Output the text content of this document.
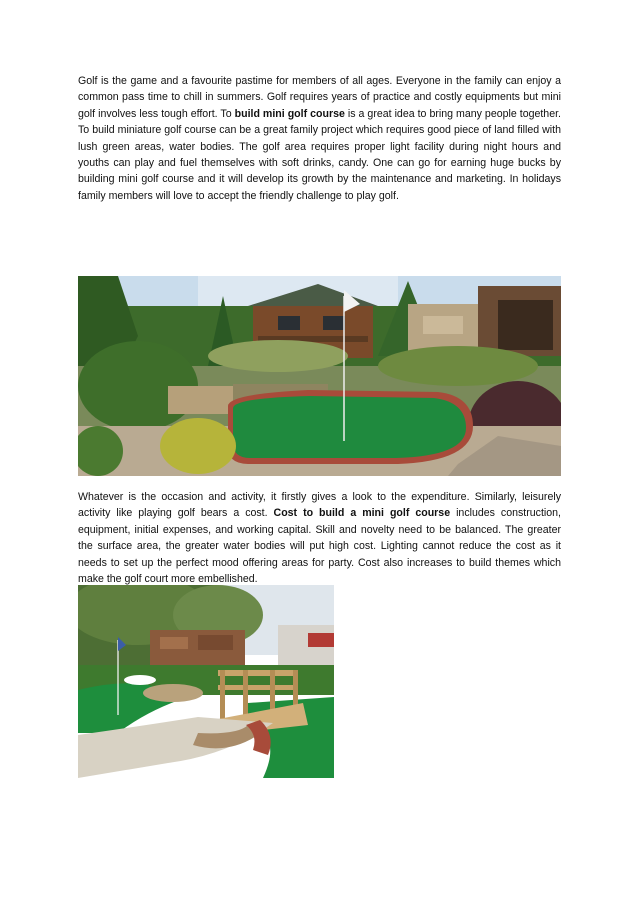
Golf is the game and a favourite pastime for members of all ages. Everyone in the family can enjoy a common pass time to chill in summers. Golf requires years of practice and costly equipments but mini golf involves less tough effort. To build mini golf course is a great idea to bring many people together. To build miniature golf course can be a great family project which requires good piece of land filled with lush green areas, water bodies. The golf area requires proper light facility during night hours and youths can play and fuel themselves with soft drinks, candy. One can go for earning huge bucks by building mini golf course and it will develop its growth by the maintenance and marketing. In holidays family members will love to accept the friendly challenge to play golf.

Whatever is the occasion and activity, it firstly gives a look to the expenditure. Similarly, leisurely activity like playing golf bears a cost. Cost to build a mini golf course includes construction, equipment, initial expenses, and working capital. Skill and novelty need to be balanced. The greater the surface area, the greater water bodies will put high cost. Lighting cannot reduce the cost as it needs to set up the perfect mood offering areas for party. Cost also increases to build themes which make the golf court more embellished.
